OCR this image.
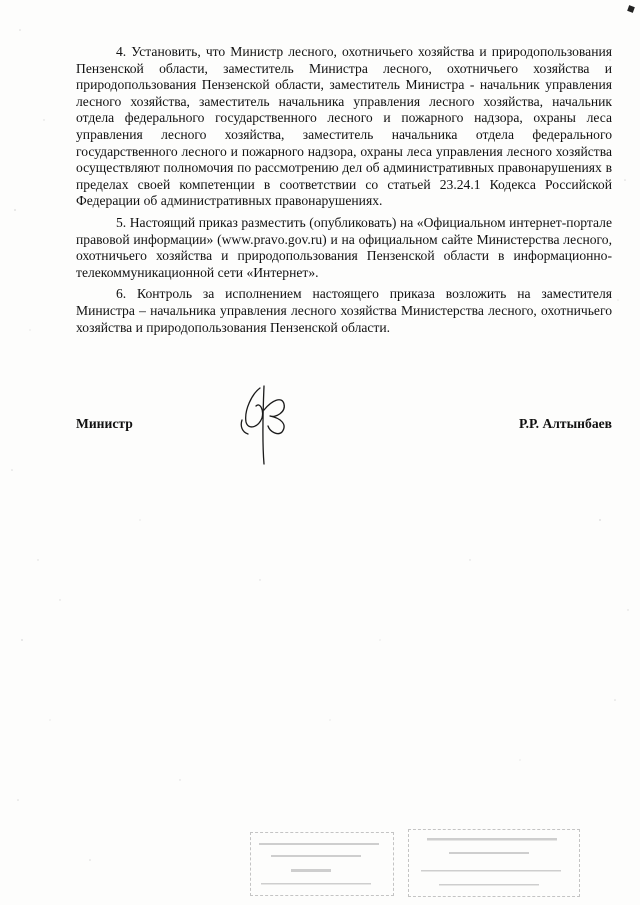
4. Установить, что Министр лесного, охотничьего хозяйства и природопользования Пензенской области, заместитель Министра лесного, охотничьего хозяйства и природопользования Пензенской области, заместитель Министра - начальник управления лесного хозяйства, заместитель начальника управления лесного хозяйства, начальник отдела федерального государственного лесного и пожарного надзора, охраны леса управления лесного хозяйства, заместитель начальника отдела федерального государственного лесного и пожарного надзора, охраны леса управления лесного хозяйства осуществляют полномочия по рассмотрению дел об административных правонарушениях в пределах своей компетенции в соответствии со статьей 23.24.1 Кодекса Российской Федерации об административных правонарушениях.

5. Настоящий приказ разместить (опубликовать) на «Официальном интернет-портале правовой информации» (www.pravo.gov.ru) и на официальном сайте Министерства лесного, охотничьего хозяйства и природопользования Пензенской области в информационно-телекоммуникационной сети «Интернет».

6. Контроль за исполнением настоящего приказа возложить на заместителя Министра – начальника управления лесного хозяйства Министерства лесного, охотничьего хозяйства и природопользования Пензенской области.

Министр	Р.Р. Алтынбаев
